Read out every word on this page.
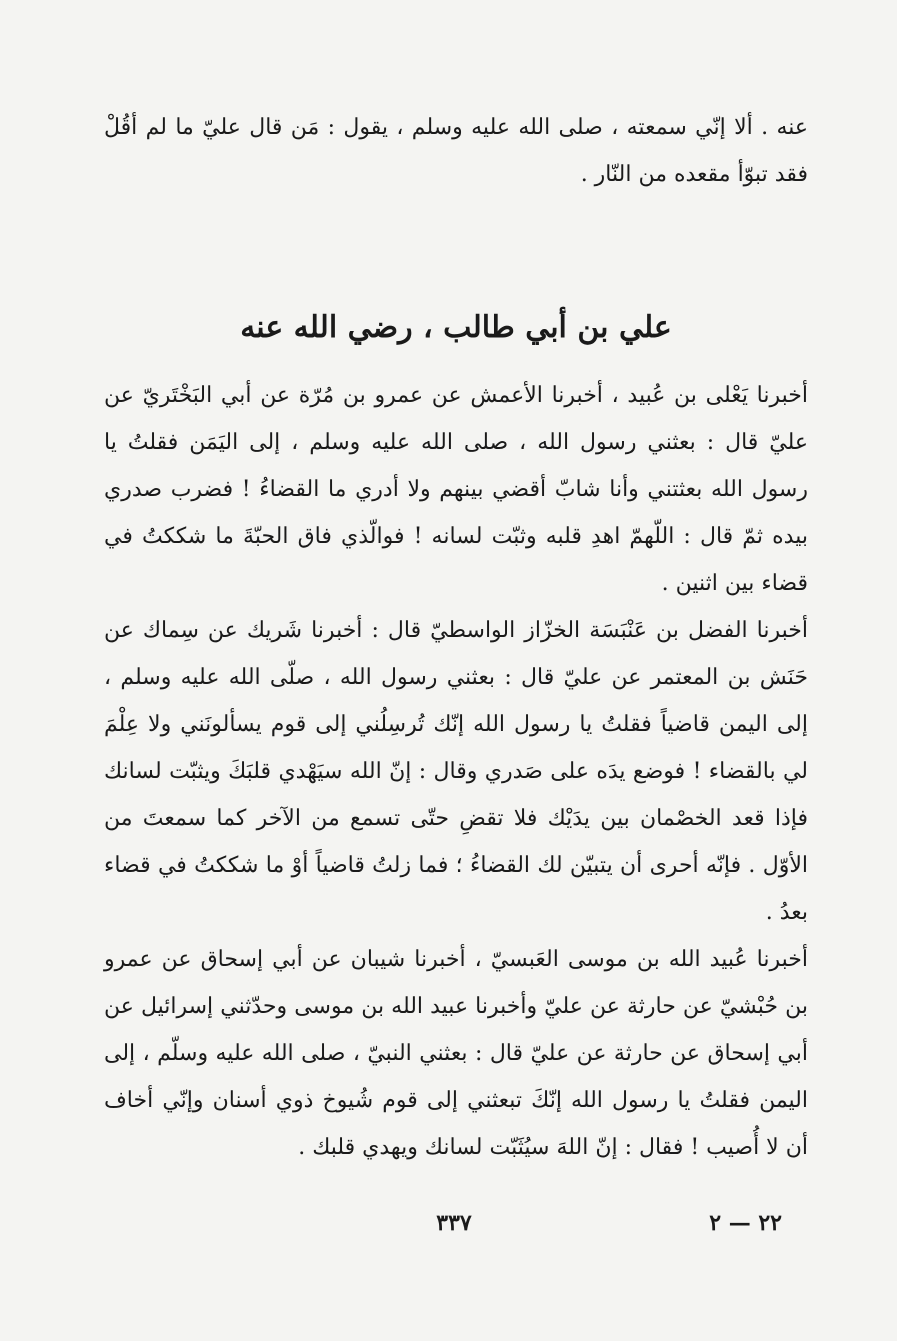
عنه . ألا إنّي سمعته ، صلى الله عليه وسلم ، يقول : مَن قال عليّ ما لم أقُلْ فقد تبوّأ مقعده من النّار .

علي بن أبي طالب ، رضي الله عنه

أخبرنا يَعْلى بن عُبيد ، أخبرنا الأعمش عن عمرو بن مُرّة عن أبي البَخْتَريّ عن عليّ قال : بعثني رسول الله ، صلى الله عليه وسلم ، إلى اليَمَن فقلتُ يا رسول الله بعثتني وأنا شابّ أقضي بينهم ولا أدري ما القضاءُ ! فضرب صدري بيده ثمّ قال : اللّهمّ اهدِ قلبه وثبّت لسانه ! فوالّذي فاق الحبّةَ ما شككتُ في قضاء بين اثنين .

أخبرنا الفضل بن عَنْبَسَة الخزّاز الواسطيّ قال : أخبرنا شَريك عن سِماك عن حَنَش بن المعتمر عن عليّ قال : بعثني رسول الله ، صلّى الله عليه وسلم ، إلى اليمن قاضياً فقلتُ يا رسول الله إنّك تُرسِلُني إلى قوم يسألونَني ولا عِلْمَ لي بالقضاء ! فوضع يدَه على صَدري وقال : إنّ الله سيَهْدي قلبَكَ ويثبّت لسانك فإذا قعد الخصْمان بين يدَيْك فلا تقضِ حتّى تسمع من الآخر كما سمعتَ من الأوّل . فإنّه أحرى أن يتبيّن لك القضاءُ ؛ فما زلتُ قاضياً أوْ ما شككتُ في قضاء بعدُ .

أخبرنا عُبيد الله بن موسى العَبسيّ ، أخبرنا شيبان عن أبي إسحاق عن عمرو بن حُبْشيّ عن حارثة عن عليّ وأخبرنا عبيد الله بن موسى وحدّثني إسرائيل عن أبي إسحاق عن حارثة عن عليّ قال : بعثني النبيّ ، صلى الله عليه وسلّم ، إلى اليمن فقلتُ يا رسول الله إنّكَ تبعثني إلى قوم شُيوخ ذوي أسنان وإنّي أخاف أن لا أُصيب ! فقال : إنّ اللهَ سيُثَبّت لسانك ويهدي قلبك .

٢٢ — ٢
٣٣٧
